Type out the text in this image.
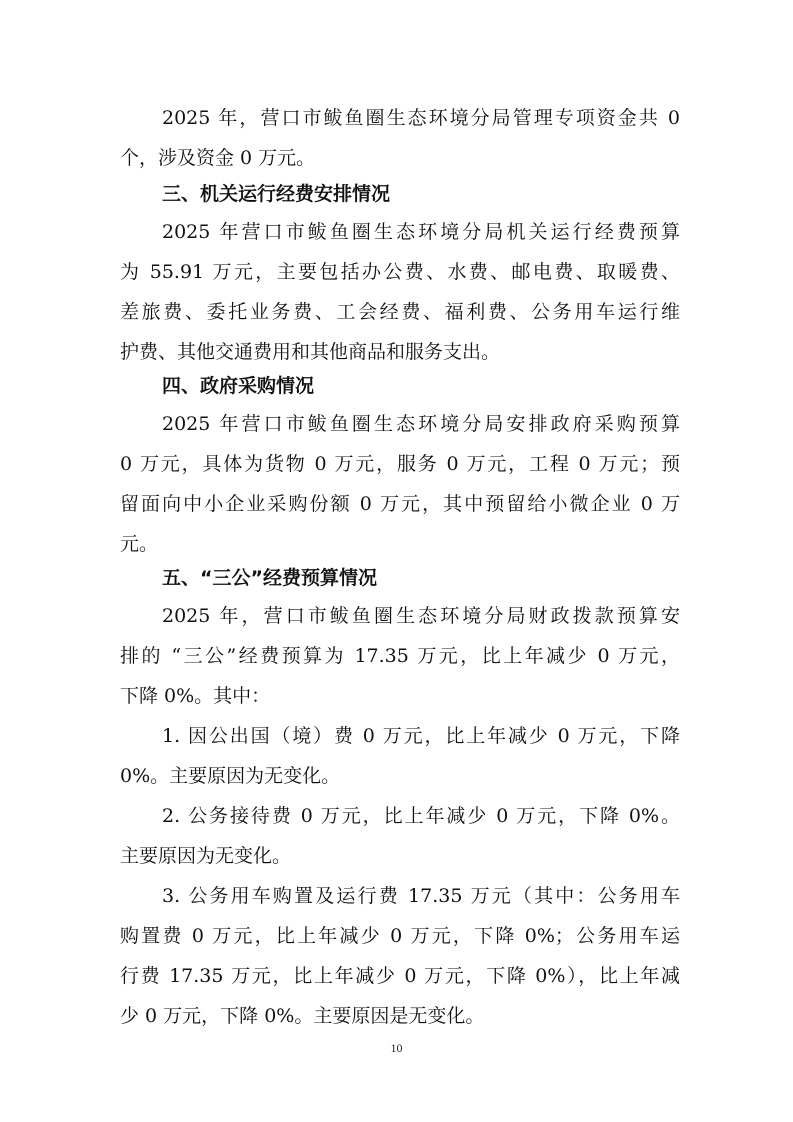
2025 年，营口市鲅鱼圈生态环境分局管理专项资金共 0
个，涉及资金 0 万元。
三、机关运行经费安排情况
2025 年营口市鲅鱼圈生态环境分局机关运行经费预算
为 55.91 万元，主要包括办公费、水费、邮电费、取暖费、
差旅费、委托业务费、工会经费、福利费、公务用车运行维
护费、其他交通费用和其他商品和服务支出。
四、政府采购情况
2025 年营口市鲅鱼圈生态环境分局安排政府采购预算
0 万元，具体为货物 0 万元，服务 0 万元，工程 0 万元；预
留面向中小企业采购份额 0 万元，其中预留给小微企业 0 万
元。
五、“三公”经费预算情况
2025 年，营口市鲅鱼圈生态环境分局财政拨款预算安
排的 “三公”经费预算为 17.35 万元，比上年减少 0 万元，
下降 0%。其中：
1. 因公出国（境）费 0 万元，比上年减少 0 万元，下降
0%。主要原因为无变化。
2. 公务接待费 0 万元，比上年减少 0 万元，下降 0%。
主要原因为无变化。
3. 公务用车购置及运行费 17.35 万元（其中：公务用车
购置费 0 万元，比上年减少 0 万元，下降 0%；公务用车运
行费 17.35 万元，比上年减少 0 万元，下降 0%），比上年减
少 0 万元，下降 0%。主要原因是无变化。
10
